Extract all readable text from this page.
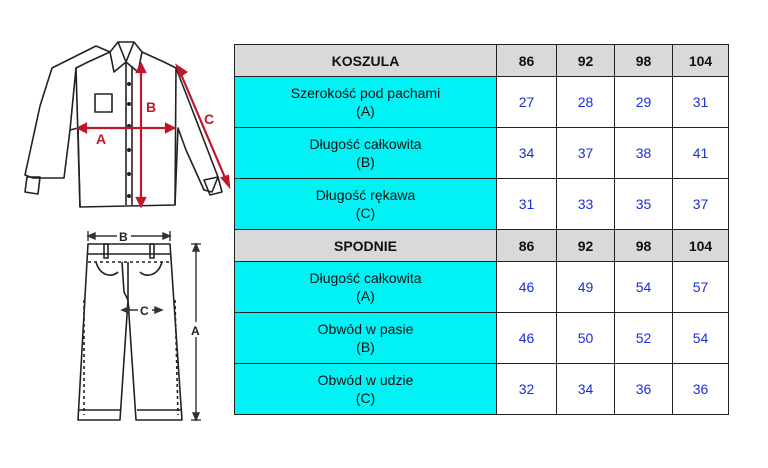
A
B
C
B
C
A
KOSZULA	86	92	98	104
Szerokość pod pachami
(A)	27	28	29	31
Długość całkowita
(B)	34	37	38	41
Długość rękawa
(C)	31	33	35	37
SPODNIE	86	92	98	104
Długość całkowita
(A)	46	49	54	57
Obwód w pasie
(B)	46	50	52	54
Obwód w udzie
(C)	32	34	36	36
